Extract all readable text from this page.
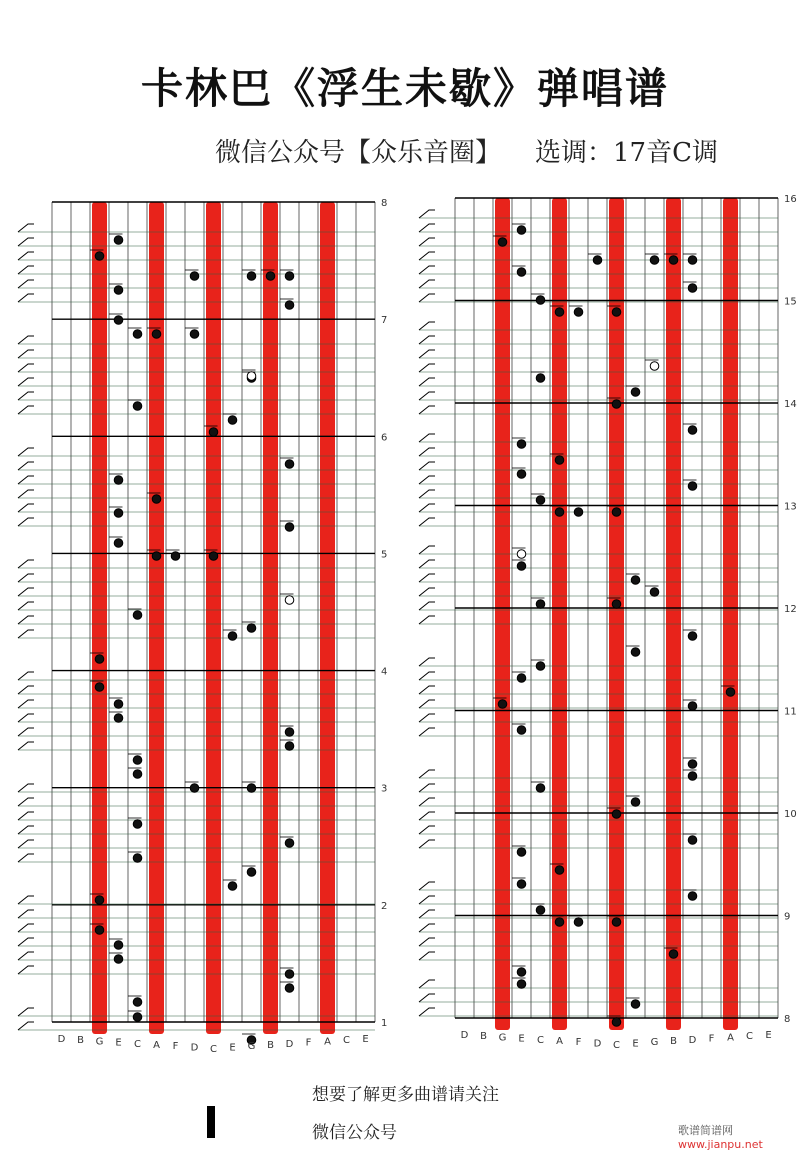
卡林巴《浮生未歇》弹唱谱
微信公众号【众乐音圈】 选调：17音C调
8
7
6
5
4
3
2
1
D B G E C A F D C E G B D F A C E
16
15
14
13
12
11
10
9
8
D B G E C A F D C E G B D F A C E
想要了解更多曲谱请关注
微信公众号	歌谱简谱网www.jianpu.net
